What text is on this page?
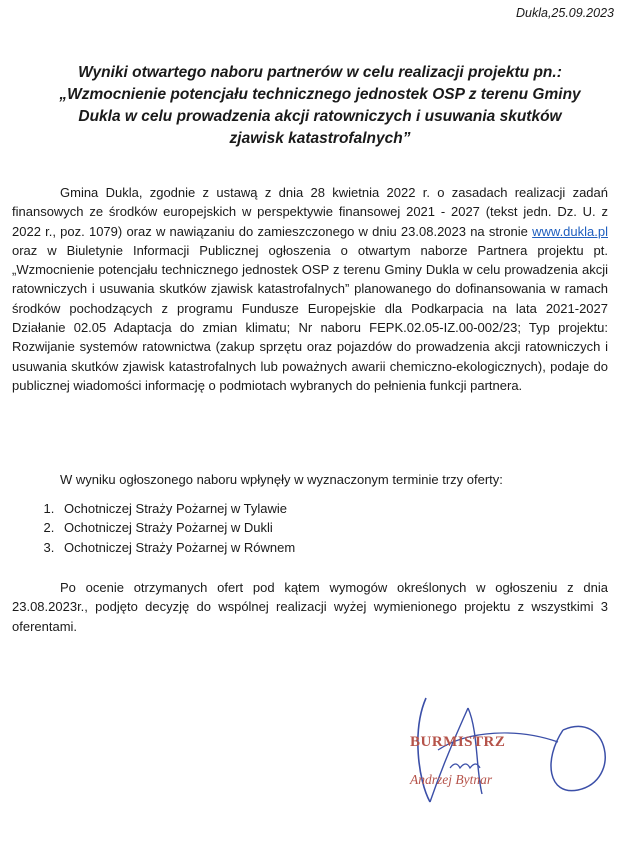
Dukla,25.09.2023
Wyniki otwartego naboru partnerów w celu realizacji projektu pn.: „Wzmocnienie potencjału technicznego jednostek OSP z terenu Gminy Dukla w celu prowadzenia akcji ratowniczych i usuwania skutków zjawisk katastrofalnych”

Gmina Dukla, zgodnie z ustawą z dnia 28 kwietnia 2022 r. o zasadach realizacji zadań finansowych ze środków europejskich w perspektywie finansowej 2021 - 2027 (tekst jedn. Dz. U. z 2022 r., poz. 1079) oraz w nawiązaniu do zamieszczonego w dniu 23.08.2023 na stronie www.dukla.pl oraz w Biuletynie Informacji Publicznej ogłoszenia o otwartym naborze Partnera projektu pt. „Wzmocnienie potencjału technicznego jednostek OSP z terenu Gminy Dukla w celu prowadzenia akcji ratowniczych i usuwania skutków zjawisk katastrofalnych” planowanego do dofinansowania w ramach środków pochodzących z programu Fundusze Europejskie dla Podkarpacia na lata 2021-2027 Działanie 02.05 Adaptacja do zmian klimatu; Nr naboru FEPK.02.05-IZ.00-002/23; Typ projektu: Rozwijanie systemów ratownictwa (zakup sprzętu oraz pojazdów do prowadzenia akcji ratowniczych i usuwania skutków zjawisk katastrofalnych lub poważnych awarii chemiczno-ekologicznych), podaje do publicznej wiadomości informację o podmiotach wybranych do pełnienia funkcji partnera.

W wyniku ogłoszonego naboru wpłynęły w wyznaczonym terminie trzy oferty:

1. Ochotniczej Straży Pożarnej w Tylawie
2. Ochotniczej Straży Pożarnej w Dukli
3. Ochotniczej Straży Pożarnej w Równem

Po ocenie otrzymanych ofert pod kątem wymogów określonych w ogłoszeniu z dnia 23.08.2023r., podjęto decyzję do wspólnej realizacji wyżej wymienionego projektu z wszystkimi 3 oferentami.

BURMISTRZ
Andrzej Bytnar
